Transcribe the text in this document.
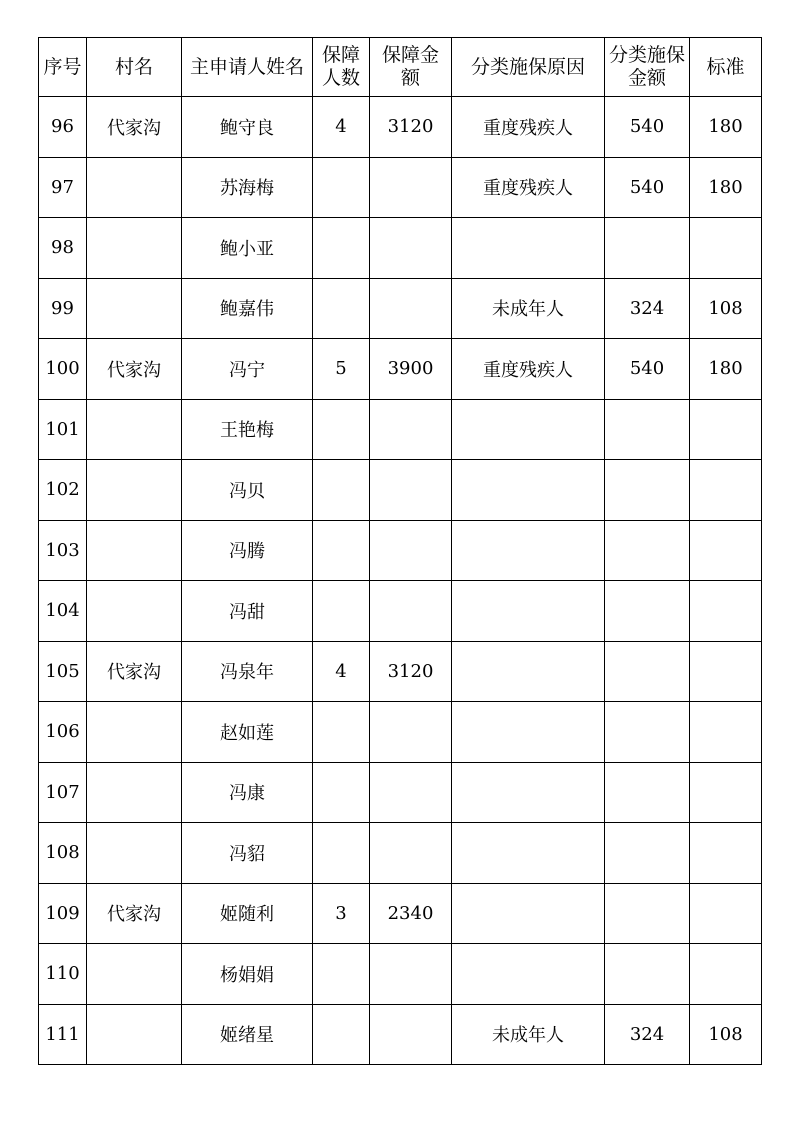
序号	村名	主申请人姓名	保障人数	保障金额	分类施保原因	分类施保金额	标准
96	代家沟	鲍守良	4	3120	重度残疾人	540	180
97		苏海梅			重度残疾人	540	180
98		鲍小亚					
99		鲍嘉伟			未成年人	324	108
100	代家沟	冯宁	5	3900	重度残疾人	540	180
101		王艳梅					
102		冯贝					
103		冯腾					
104		冯甜					
105	代家沟	冯泉年	4	3120			
106		赵如莲					
107		冯康					
108		冯貂					
109	代家沟	姬随利	3	2340			
110		杨娟娟					
111		姬绪星			未成年人	324	108
